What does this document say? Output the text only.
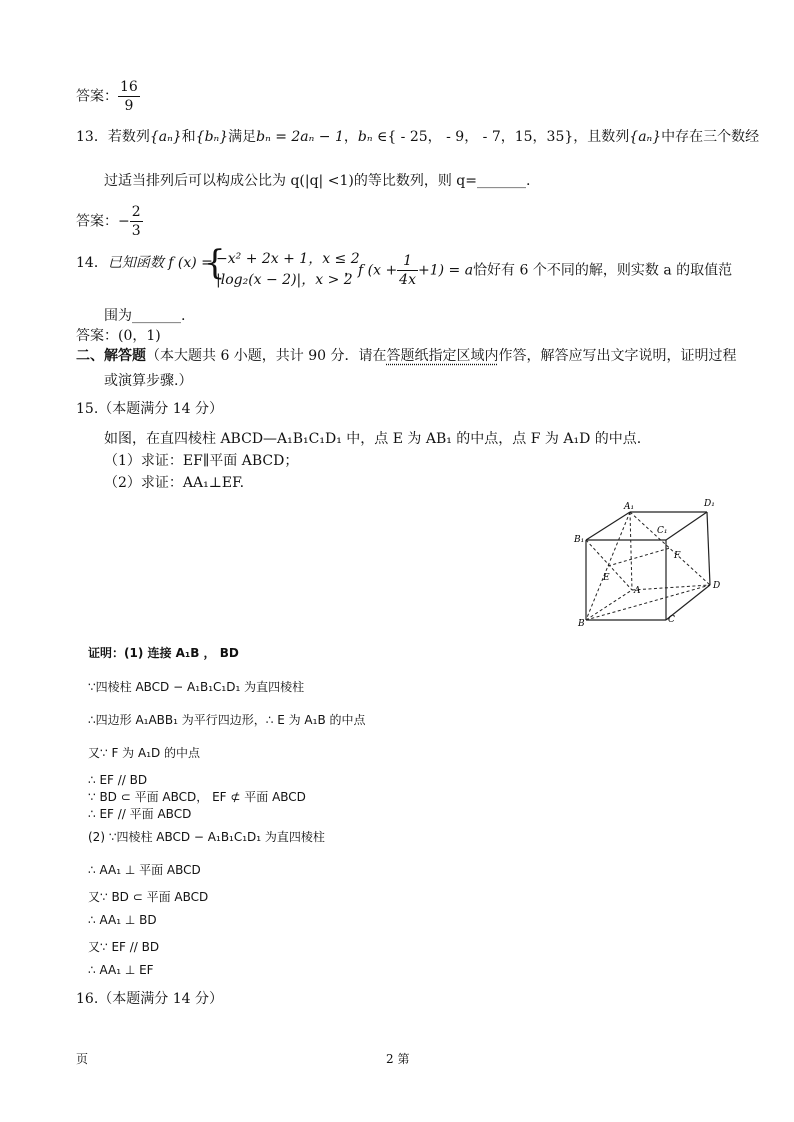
答案： $\frac{16}{9}$
13．若数列{aₙ}和{bₙ}满足bₙ = 2aₙ − 1，bₙ ∈{ - 25， - 9， - 7，15，35}，且数列{aₙ}中存在三个数经
过适当排列后可以构成公比为 q(|q| <1)的等比数列，则 q=_______.
答案：− $\frac{2}{3}$
14．已知函数 f (x) =
{
−x² + 2x + 1，x ≤ 2
|log₂(x − 2)|，x > 2
，f $(x + \frac{1}{4x} +1) = a$恰好有 6 个不同的解，则实数 a 的取值范
围为_______.
答案：(0，1)
二、解答题（本大题共 6 小题，共计 90 分．请在答题纸指定区域内作答，解答应写出文字说明，证明过程
或演算步骤.）
15.（本题满分 14 分）
如图，在直四棱柱 ABCD—A₁B₁C₁D₁ 中，点 E 为 AB₁ 的中点，点 F 为 A₁D 的中点.
（1）求证：EF∥平面 ABCD；
（2）求证：AA₁⊥EF.
A₁	D₁
B₁
C₁
F
E
A	D
B	C
证明：(1) 连接 A₁B ， BD
∵四棱柱 ABCD − A₁B₁C₁D₁ 为直四棱柱
∴四边形 A₁ABB₁ 为平行四边形，∴ E 为 A₁B 的中点
又∵ F 为 A₁D 的中点
∴ EF // BD
∵ BD ⊂ 平面 ABCD， EF ⊄ 平面 ABCD
∴ EF // 平面 ABCD
(2) ∵四棱柱 ABCD − A₁B₁C₁D₁ 为直四棱柱
∴ AA₁ ⊥ 平面 ABCD
又∵ BD ⊂ 平面 ABCD
∴ AA₁ ⊥ BD
又∵ EF // BD
∴ AA₁ ⊥ EF
16.（本题满分 14 分）
页	2 第
